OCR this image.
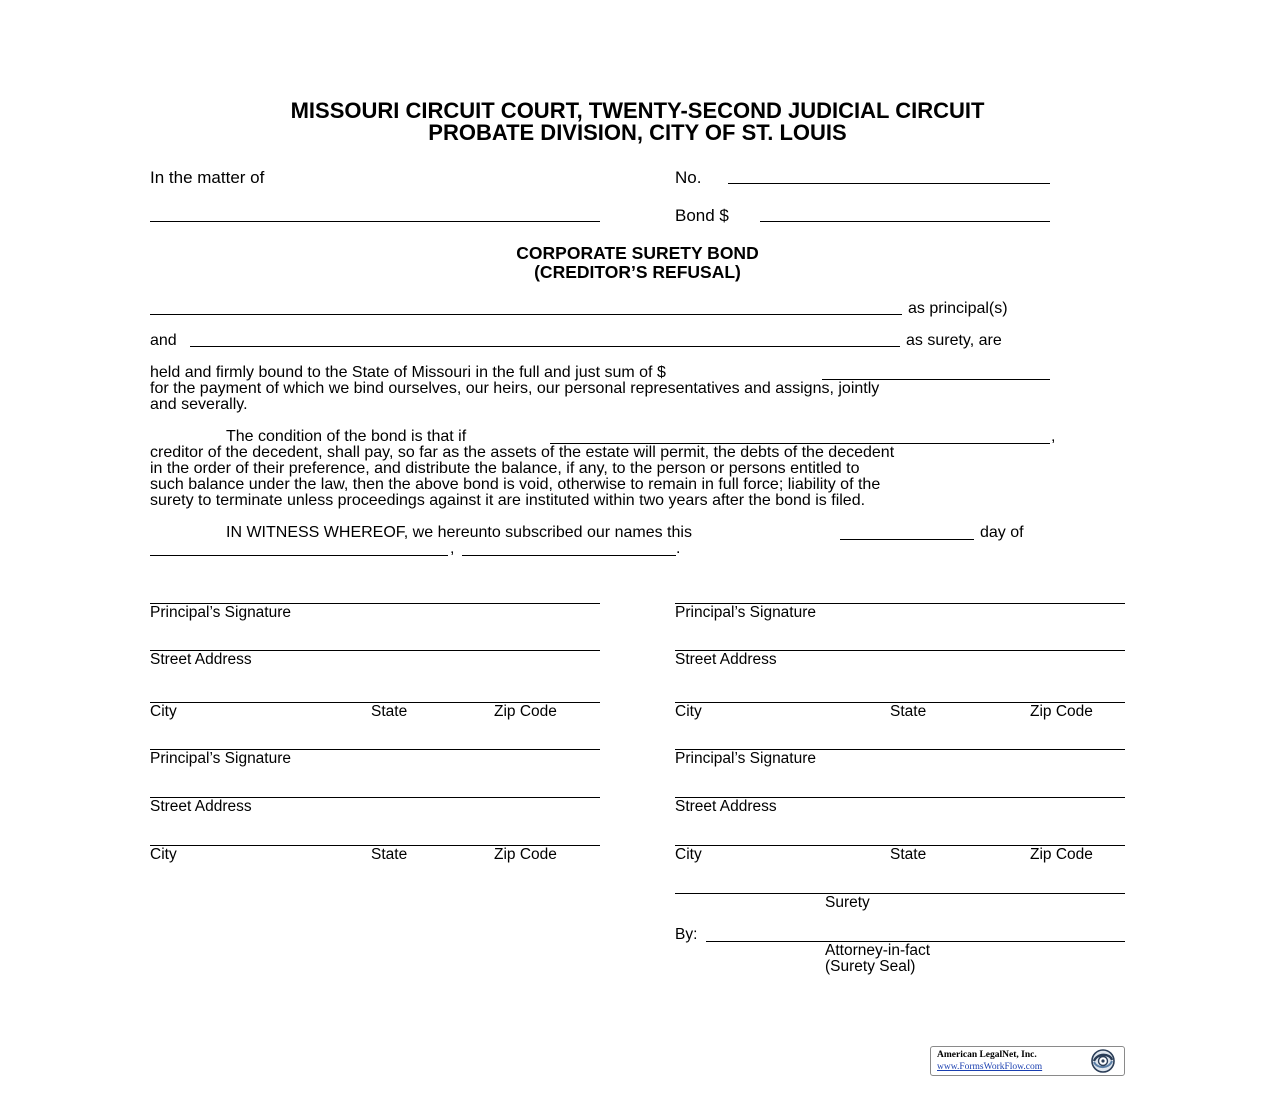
MISSOURI CIRCUIT COURT, TWENTY-SECOND JUDICIAL CIRCUIT
PROBATE DIVISION, CITY OF ST. LOUIS
In the matter of	No.
Bond $
CORPORATE SURETY BOND
(CREDITOR’S REFUSAL)
as principal(s)
and	as surety, are
held and firmly bound to the State of Missouri in the full and just sum of $
for the payment of which we bind ourselves, our heirs, our personal representatives and assigns, jointly
and severally.
The condition of the bond is that if	,
creditor of the decedent, shall pay, so far as the assets of the estate will permit, the debts of the decedent
in the order of their preference, and distribute the balance, if any, to the person or persons entitled to
such balance under the law, then the above bond is void, otherwise to remain in full force; liability of the
surety to terminate unless proceedings against it are instituted within two years after the bond is filed.
IN WITNESS WHEREOF, we hereunto subscribed our names this	day of
,	.
Principal’s Signature
Street Address
City	State	Zip Code
Principal’s Signature
Street Address
City	State	Zip Code
Principal’s Signature
Street Address
City	State	Zip Code
Principal’s Signature
Street Address
City	State	Zip Code
Surety
By:
Attorney-in-fact
(Surety Seal)
American LegalNet, Inc.
www.FormsWorkFlow.com
